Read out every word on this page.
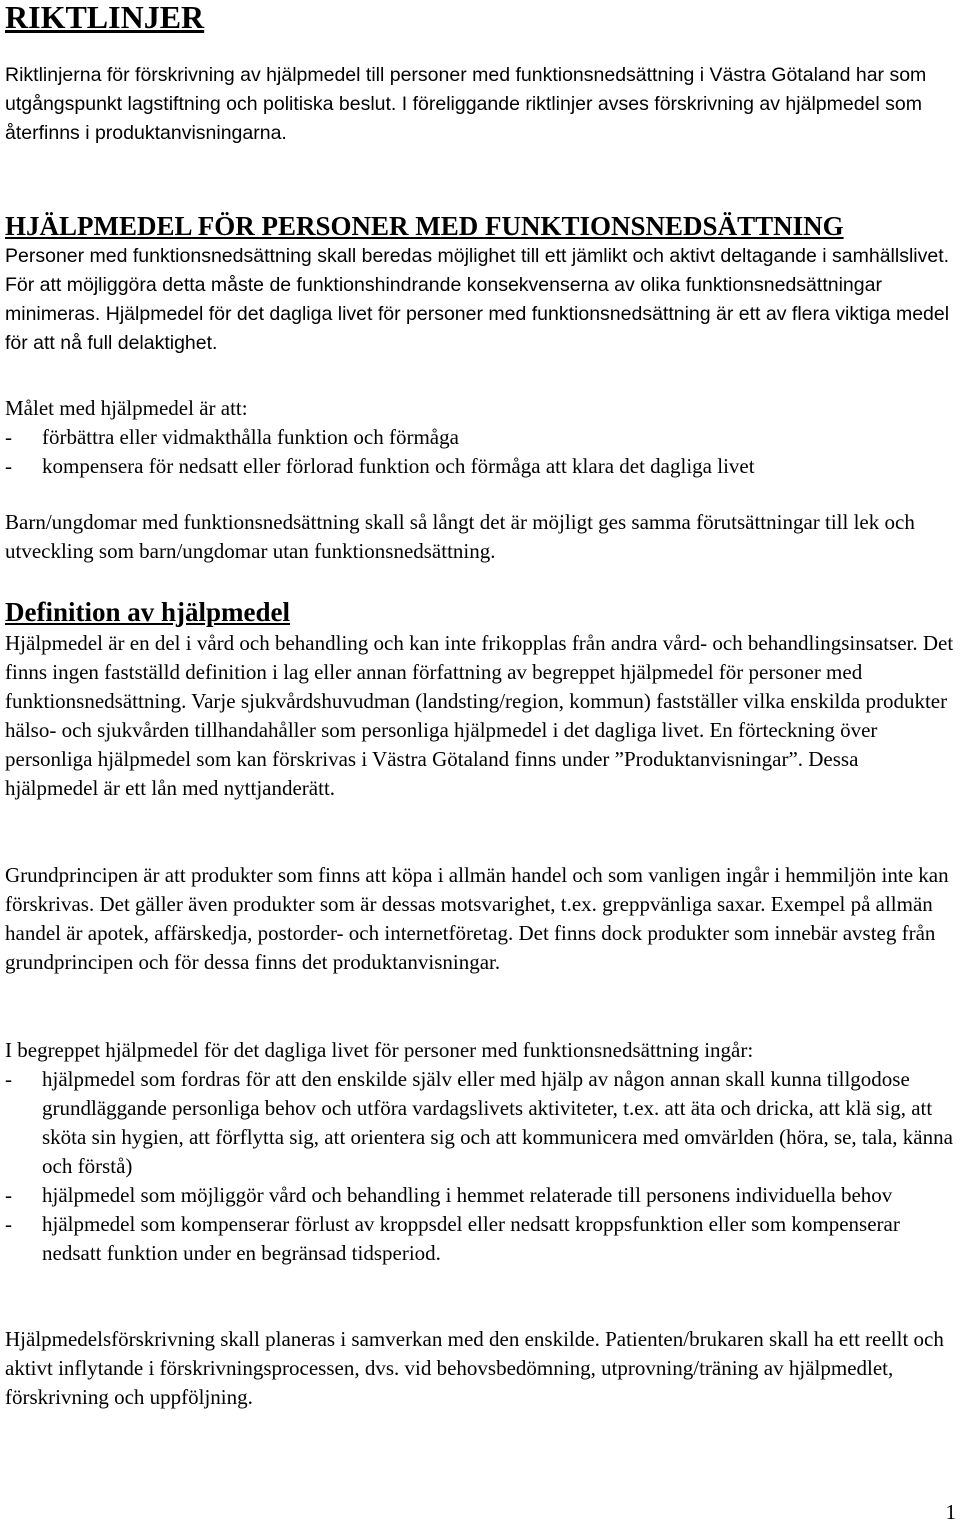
RIKTLINJER

Riktlinjerna för förskrivning av hjälpmedel till personer med funktionsnedsättning i Västra Götaland har som utgångspunkt lagstiftning och politiska beslut. I föreliggande riktlinjer avses förskrivning av hjälpmedel som återfinns i produktanvisningarna.

HJÄLPMEDEL FÖR PERSONER MED FUNKTIONSNEDSÄTTNING

Personer med funktionsnedsättning skall beredas möjlighet till ett jämlikt och aktivt deltagande i samhällslivet. För att möjliggöra detta måste de funktionshindrande konsekvenserna av olika funktionsnedsättningar minimeras. Hjälpmedel för det dagliga livet för personer med funktionsnedsättning är ett av flera viktiga medel för att nå full delaktighet.

Målet med hjälpmedel är att:
-	förbättra eller vidmakthålla funktion och förmåga
-	kompensera för nedsatt eller förlorad funktion och förmåga att klara det dagliga livet

Barn/ungdomar med funktionsnedsättning skall så långt det är möjligt ges samma förutsättningar till lek och utveckling som barn/ungdomar utan funktionsnedsättning.

Definition av hjälpmedel

Hjälpmedel är en del i vård och behandling och kan inte frikopplas från andra vård- och behandlingsinsatser. Det finns ingen fastställd definition i lag eller annan författning av begreppet hjälpmedel för personer med funktionsnedsättning. Varje sjukvårdshuvudman (landsting/region, kommun) fastställer vilka enskilda produkter hälso- och sjukvården tillhandahåller som personliga hjälpmedel i det dagliga livet. En förteckning över personliga hjälpmedel som kan förskrivas i Västra Götaland finns under ”Produktanvisningar”. Dessa hjälpmedel är ett lån med nyttjanderätt.

Grundprincipen är att produkter som finns att köpa i allmän handel och som vanligen ingår i hemmiljön inte kan förskrivas. Det gäller även produkter som är dessas motsvarighet, t.ex. greppvänliga saxar. Exempel på allmän handel är apotek, affärskedja, postorder- och internetföretag. Det finns dock produkter som innebär avsteg från grundprincipen och för dessa finns det produktanvisningar.

I begreppet hjälpmedel för det dagliga livet för personer med funktionsnedsättning ingår:
-	hjälpmedel som fordras för att den enskilde själv eller med hjälp av någon annan skall kunna tillgodose grundläggande personliga behov och utföra vardagslivets aktiviteter, t.ex. att äta och dricka, att klä sig, att sköta sin hygien, att förflytta sig, att orientera sig och att kommunicera med omvärlden (höra, se, tala, känna och förstå)
-	hjälpmedel som möjliggör vård och behandling i hemmet relaterade till personens individuella behov
-	hjälpmedel som kompenserar förlust av kroppsdel eller nedsatt kroppsfunktion eller som kompenserar nedsatt funktion under en begränsad tidsperiod.

Hjälpmedelsförskrivning skall planeras i samverkan med den enskilde. Patienten/brukaren skall ha ett reellt och aktivt inflytande i förskrivningsprocessen, dvs. vid behovsbedömning, utprovning/träning av hjälpmedlet, förskrivning och uppföljning.

1
